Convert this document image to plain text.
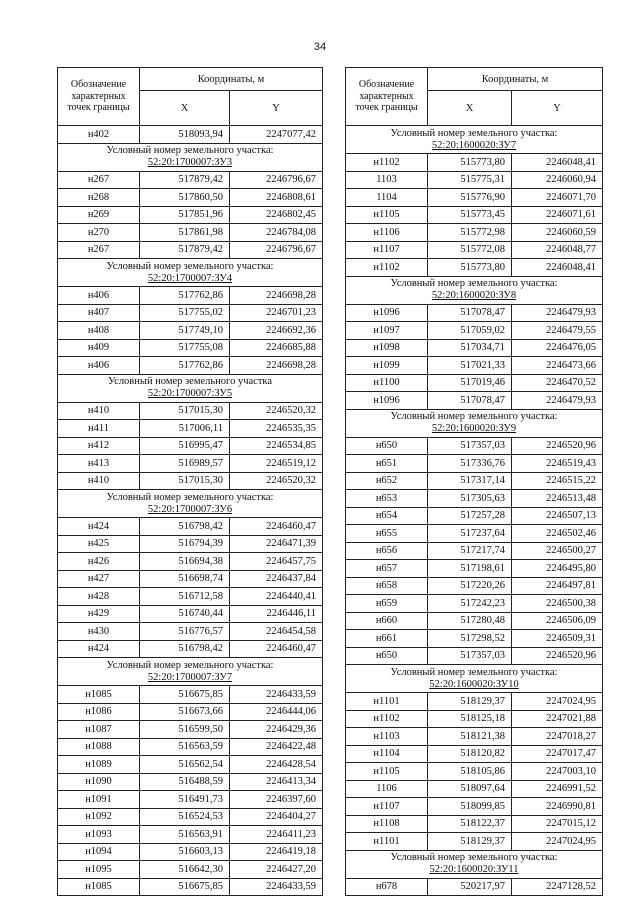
34
Обозначение характерных точек границы	Координаты, м	
	X	Y
н402	518093,94	2247077,42
Условный номер земельного участка:
52:20:1700007:ЗУ3		
н267	517879,42	2246796,67
н268	517860,50	2246808,61
н269	517851,96	2246802,45
н270	517861,98	2246784,08
н267	517879,42	2246796,67
Условный номер земельного участка:
52:20:1700007:ЗУ4		
н406	517762,86	2246698,28
н407	517755,02	2246701,23
н408	517749,10	2246692,36
н409	517755,08	2246685,88
н406	517762,86	2246698,28
Условный номер земельного участка
52:20:1700007:ЗУ5		
н410	517015,30	2246520,32
н411	517006,11	2246535,35
н412	516995,47	2246534,85
н413	516989,57	2246519,12
н410	517015,30	2246520,32
Условный номер земельного участка:
52:20:1700007:ЗУ6		
н424	516798,42	2246460,47
н425	516794,39	2246471,39
н426	516694,38	2246457,75
н427	516698,74	2246437,84
н428	516712,58	2246440,41
н429	516740,44	2246446,11
н430	516776,57	2246454,58
н424	516798,42	2246460,47
Условный номер земельного участка:
52:20:1700007:ЗУ7		
н1085	516675,85	2246433,59
н1086	516673,66	2246444,06
н1087	516599,50	2246429,36
н1088	516563,59	2246422,48
н1089	516562,54	2246428,54
н1090	516488,59	2246413,34
н1091	516491,73	2246397,60
н1092	516524,53	2246404,27
н1093	516563,91	2246411,23
н1094	516603,13	2246419,18
н1095	516642,30	2246427,20
н1085	516675,85	2246433,59
Обозначение характерных точек границы	Координаты, м	
	X	Y
Условный номер земельного участка:
52:20:1600020:ЗУ7		
н1102	515773,80	2246048,41
1103	515775,31	2246060,94
1104	515776,90	2246071,70
н1105	515773,45	2246071,61
н1106	515772,98	2246060,59
н1107	515772,08	2246048,77
н1102	515773,80	2246048,41
Условный номер земельного участка:
52:20:1600020:ЗУ8		
н1096	517078,47	2246479,93
н1097	517059,02	2246479,55
н1098	517034,71	2246476,05
н1099	517021,33	2246473,66
н1100	517019,46	2246470,52
н1096	517078,47	2246479,93
Условный номер земельного участка:
52:20:1600020:ЗУ9		
н650	517357,03	2246520,96
н651	517336,76	2246519,43
н652	517317,14	2246515,22
н653	517305,63	2246513,48
н654	517257,28	2246507,13
н655	517237,64	2246502,46
н656	517217,74	2246500,27
н657	517198,61	2246495,80
н658	517220,26	2246497,81
н659	517242,23	2246500,38
н660	517280,48	2246506,09
н661	517298,52	2246509,31
н650	517357,03	2246520,96
Условный номер земельного участка:
52:20:1600020:ЗУ10		
н1101	518129,37	2247024,95
н1102	518125,18	2247021,88
н1103	518121,38	2247018,27
н1104	518120,82	2247017,47
н1105	518105,86	2247003,10
1106	518097,64	2246991,52
н1107	518099,85	2246990,81
н1108	518122,37	2247015,12
н1101	518129,37	2247024,95
Условный номер земельного участка:
52:20:1600020:ЗУ11		
н678	520217,97	2247128,52
